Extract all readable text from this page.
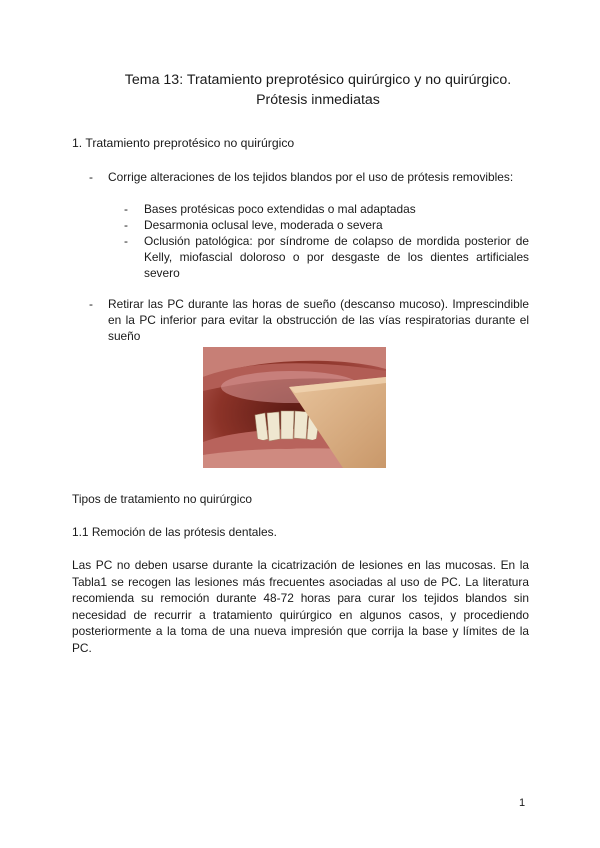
Tema 13: Tratamiento preprotésico quirúrgico y no quirúrgico.
Prótesis inmediatas
1. Tratamiento preprotésico no quirúrgico
-	Corrige alteraciones de los tejidos blandos por el uso de prótesis removibles:
-	Bases protésicas poco extendidas o mal adaptadas
-	Desarmonia oclusal leve, moderada o severa
-	Oclusión patológica: por síndrome de colapso de mordida posterior de Kelly, miofascial doloroso o por desgaste de los dientes artificiales severo
-	Retirar las PC durante las horas de sueño (descanso mucoso). Imprescindible en la PC inferior para evitar la obstrucción de las vías respiratorias durante el sueño
Tipos de tratamiento no quirúrgico
1.1 Remoción de las prótesis dentales.
Las PC no deben usarse durante la cicatrización de lesiones en las mucosas. En la Tabla1 se recogen las lesiones más frecuentes asociadas al uso de PC. La literatura recomienda su remoción durante 48-72 horas para curar los tejidos blandos sin necesidad de recurrir a tratamiento quirúrgico en algunos casos, y procediendo posteriormente a la toma de una nueva impresión que corrija la base y límites de la PC.
1
